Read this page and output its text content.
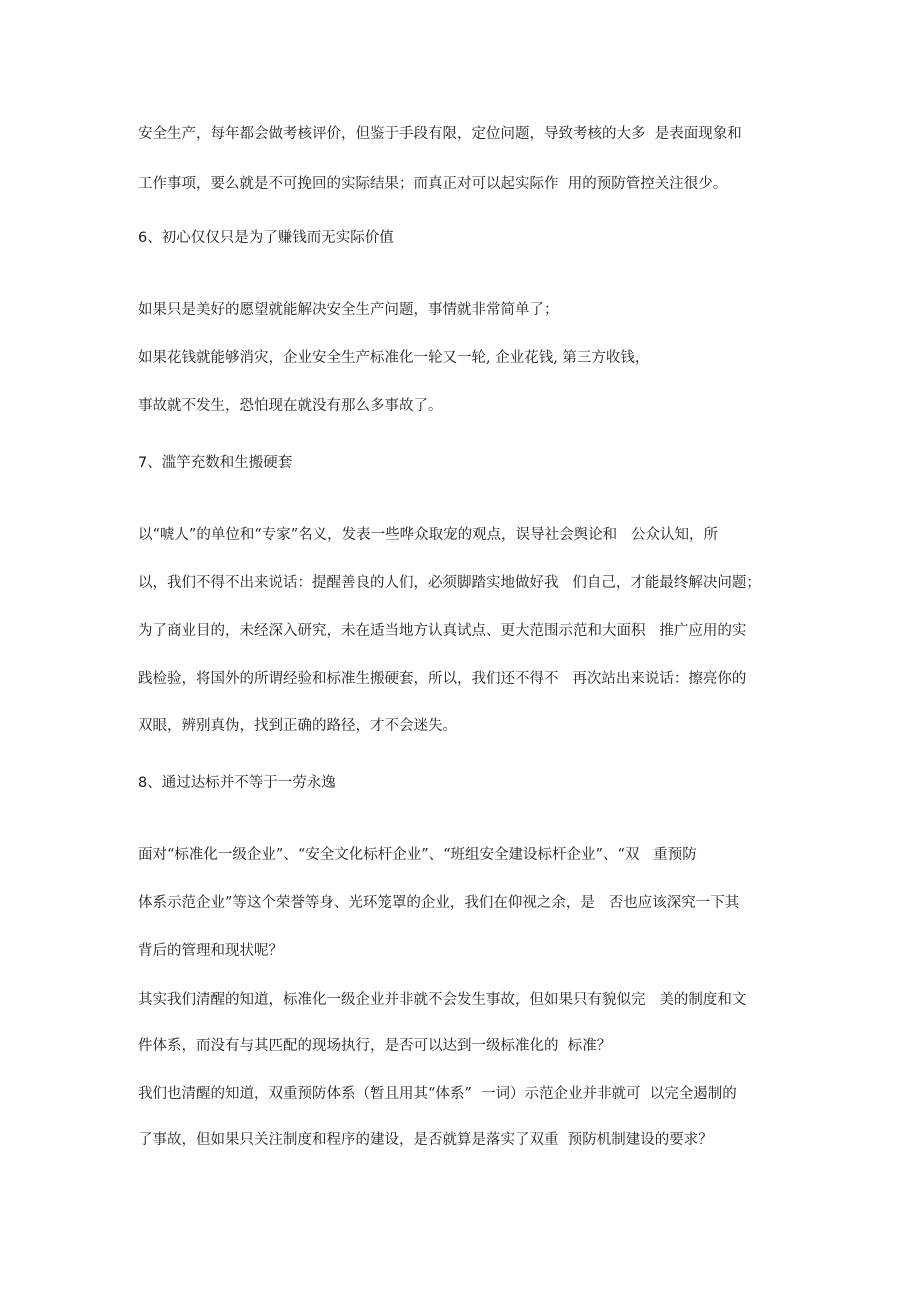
安全生产，每年都会做考核评价，但鉴于手段有限，定位问题，导致考核的大多  是表面现象和

工作事项，要么就是不可挽回的实际结果；而真正对可以起实际作  用的预防管控关注很少。

6、初心仅仅只是为了赚钱而无实际价值

如果只是美好的愿望就能解决安全生产问题，事情就非常简单了；

如果花钱就能够消灾，企业安全生产标准化一轮又一轮, 企业花钱, 第三方收钱，

事故就不发生，恐怕现在就没有那么多事故了。

7、滥竽充数和生搬硬套

以“唬人”的单位和“专家”名义，发表一些哗众取宠的观点，误导社会舆论和   公众认知，所

以，我们不得不出来说话：提醒善良的人们，必须脚踏实地做好我   们自己，才能最终解决问题；

为了商业目的，未经深入研究，未在适当地方认真试点、更大范围示范和大面积   推广应用的实

践检验，将国外的所谓经验和标准生搬硬套，所以，我们还不得不   再次站出来说话：擦亮你的

双眼，辨别真伪，找到正确的路径，才不会迷失。

8、通过达标并不等于一劳永逸

面对“标准化一级企业”、“安全文化标杆企业”、“班组安全建设标杆企业”、“双   重预防

体系示范企业”等这个荣誉等身、光环笼罩的企业，我们在仰视之余，是   否也应该深究一下其

背后的管理和现状呢？

其实我们清醒的知道，标准化一级企业并非就不会发生事故，但如果只有貌似完   美的制度和文

件体系，而没有与其匹配的现场执行，是否可以达到一级标准化的  标准？

我们也清醒的知道，双重预防体系（暂且用其“体系”  一词）示范企业并非就可  以完全遏制的

了事故，但如果只关注制度和程序的建设，是否就算是落实了双重  预防机制建设的要求？
